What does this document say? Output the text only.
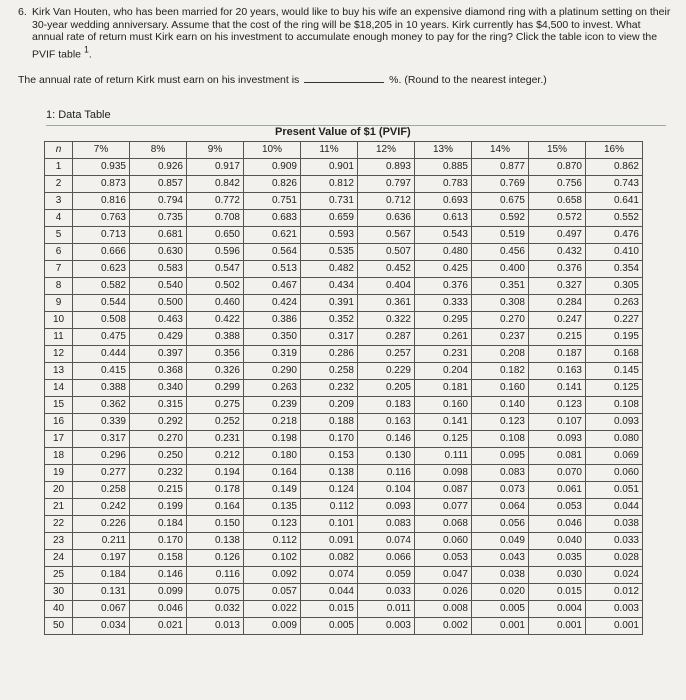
6. Kirk Van Houten, who has been married for 20 years, would like to buy his wife an expensive diamond ring with a platinum setting on their 30-year wedding anniversary. Assume that the cost of the ring will be $18,205 in 10 years. Kirk currently has $4,500 to invest. What annual rate of return must Kirk earn on his investment to accumulate enough money to pay for the ring? Click the table icon to view the PVIF table $^1$.
The annual rate of return Kirk must earn on his investment is	%. (Round to the nearest integer.)
1: Data Table
Present Value of $1 (PVIF)
n	7%	8%	9%	10%	11%	12%	13%	14%	15%	16%
1	0.935	0.926	0.917	0.909	0.901	0.893	0.885	0.877	0.870	0.862
2	0.873	0.857	0.842	0.826	0.812	0.797	0.783	0.769	0.756	0.743
3	0.816	0.794	0.772	0.751	0.731	0.712	0.693	0.675	0.658	0.641
4	0.763	0.735	0.708	0.683	0.659	0.636	0.613	0.592	0.572	0.552
5	0.713	0.681	0.650	0.621	0.593	0.567	0.543	0.519	0.497	0.476
6	0.666	0.630	0.596	0.564	0.535	0.507	0.480	0.456	0.432	0.410
7	0.623	0.583	0.547	0.513	0.482	0.452	0.425	0.400	0.376	0.354
8	0.582	0.540	0.502	0.467	0.434	0.404	0.376	0.351	0.327	0.305
9	0.544	0.500	0.460	0.424	0.391	0.361	0.333	0.308	0.284	0.263
10	0.508	0.463	0.422	0.386	0.352	0.322	0.295	0.270	0.247	0.227
11	0.475	0.429	0.388	0.350	0.317	0.287	0.261	0.237	0.215	0.195
12	0.444	0.397	0.356	0.319	0.286	0.257	0.231	0.208	0.187	0.168
13	0.415	0.368	0.326	0.290	0.258	0.229	0.204	0.182	0.163	0.145
14	0.388	0.340	0.299	0.263	0.232	0.205	0.181	0.160	0.141	0.125
15	0.362	0.315	0.275	0.239	0.209	0.183	0.160	0.140	0.123	0.108
16	0.339	0.292	0.252	0.218	0.188	0.163	0.141	0.123	0.107	0.093
17	0.317	0.270	0.231	0.198	0.170	0.146	0.125	0.108	0.093	0.080
18	0.296	0.250	0.212	0.180	0.153	0.130	0.111	0.095	0.081	0.069
19	0.277	0.232	0.194	0.164	0.138	0.116	0.098	0.083	0.070	0.060
20	0.258	0.215	0.178	0.149	0.124	0.104	0.087	0.073	0.061	0.051
21	0.242	0.199	0.164	0.135	0.112	0.093	0.077	0.064	0.053	0.044
22	0.226	0.184	0.150	0.123	0.101	0.083	0.068	0.056	0.046	0.038
23	0.211	0.170	0.138	0.112	0.091	0.074	0.060	0.049	0.040	0.033
24	0.197	0.158	0.126	0.102	0.082	0.066	0.053	0.043	0.035	0.028
25	0.184	0.146	0.116	0.092	0.074	0.059	0.047	0.038	0.030	0.024
30	0.131	0.099	0.075	0.057	0.044	0.033	0.026	0.020	0.015	0.012
40	0.067	0.046	0.032	0.022	0.015	0.011	0.008	0.005	0.004	0.003
50	0.034	0.021	0.013	0.009	0.005	0.003	0.002	0.001	0.001	0.001
